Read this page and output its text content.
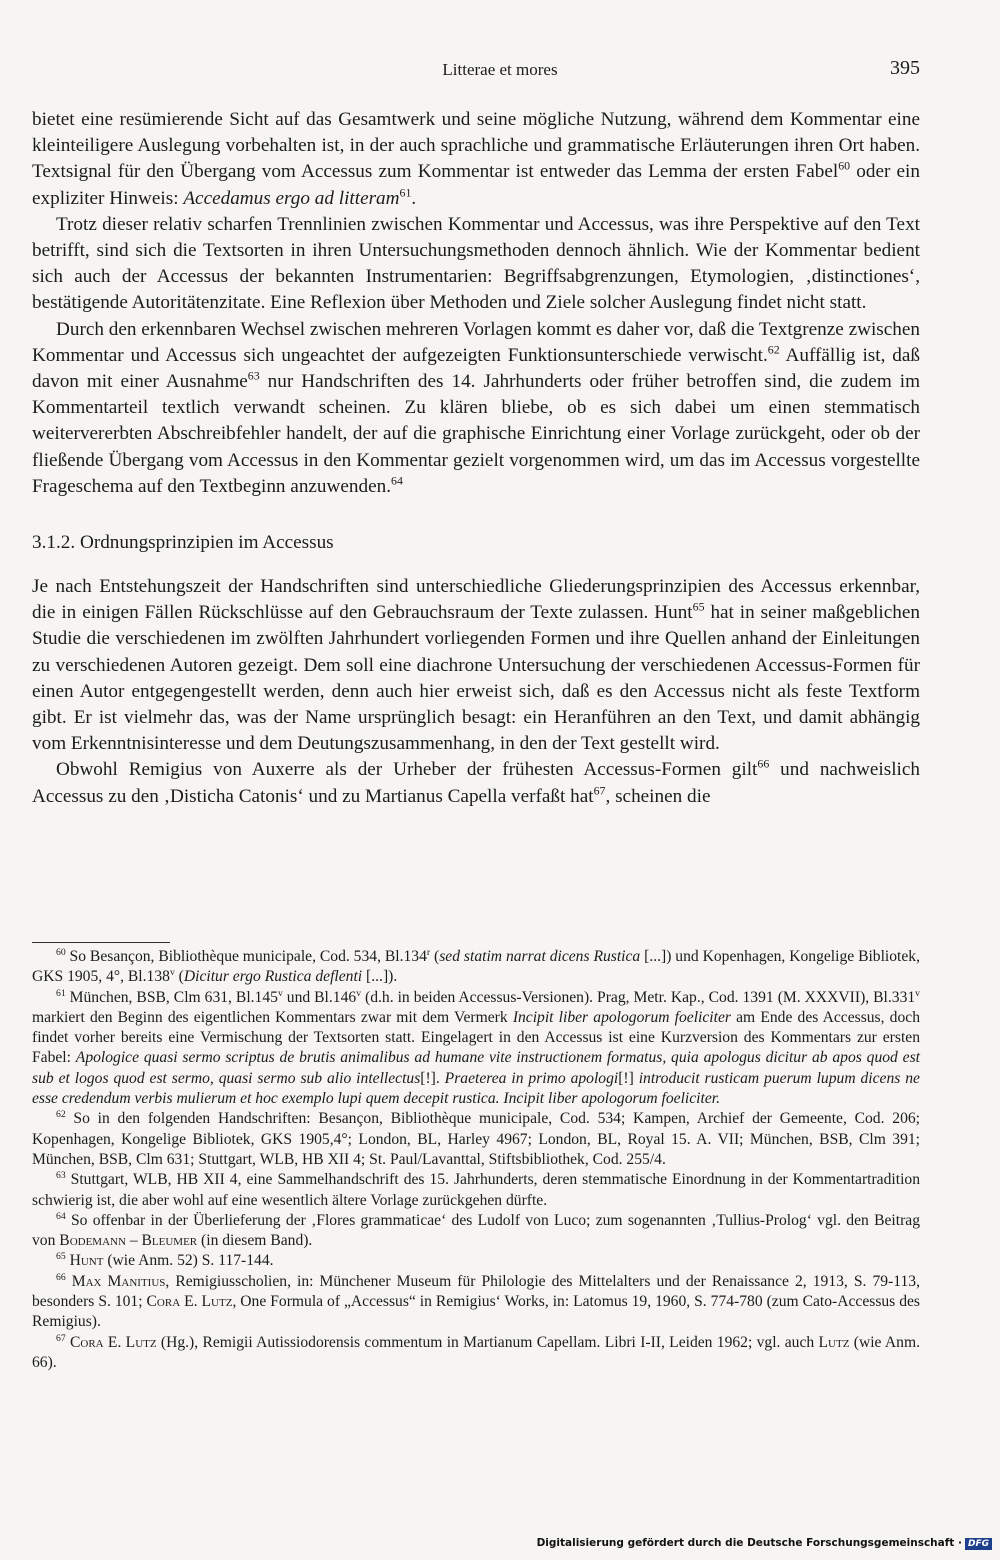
Litterae et mores	395

bietet eine resümierende Sicht auf das Gesamtwerk und seine mögliche Nutzung, während dem Kommentar eine kleinteiligere Auslegung vorbehalten ist, in der auch sprachliche und grammatische Erläuterungen ihren Ort haben. Textsignal für den Übergang vom Accessus zum Kommentar ist entweder das Lemma der ersten Fabel$^{60}$ oder ein expliziter Hinweis: Accedamus ergo ad litteram$^{61}$.

Trotz dieser relativ scharfen Trennlinien zwischen Kommentar und Accessus, was ihre Perspektive auf den Text betrifft, sind sich die Textsorten in ihren Untersuchungsmethoden dennoch ähnlich. Wie der Kommentar bedient sich auch der Accessus der bekannten Instrumentarien: Begriffsabgrenzungen, Etymologien, ‚distinctiones‘, bestätigende Autoritätenzitate. Eine Reflexion über Methoden und Ziele solcher Auslegung findet nicht statt.

Durch den erkennbaren Wechsel zwischen mehreren Vorlagen kommt es daher vor, daß die Textgrenze zwischen Kommentar und Accessus sich ungeachtet der aufgezeigten Funktionsunterschiede verwischt.$^{62}$ Auffällig ist, daß davon mit einer Ausnahme$^{63}$ nur Handschriften des 14. Jahrhunderts oder früher betroffen sind, die zudem im Kommentarteil textlich verwandt scheinen. Zu klären bliebe, ob es sich dabei um einen stemmatisch weitervererbten Abschreibfehler handelt, der auf die graphische Einrichtung einer Vorlage zurückgeht, oder ob der fließende Übergang vom Accessus in den Kommentar gezielt vorgenommen wird, um das im Accessus vorgestellte Frageschema auf den Textbeginn anzuwenden.$^{64}$

3.1.2. Ordnungsprinzipien im Accessus

Je nach Entstehungszeit der Handschriften sind unterschiedliche Gliederungsprinzipien des Accessus erkennbar, die in einigen Fällen Rückschlüsse auf den Gebrauchsraum der Texte zulassen. Hunt$^{65}$ hat in seiner maßgeblichen Studie die verschiedenen im zwölften Jahrhundert vorliegenden Formen und ihre Quellen anhand der Einleitungen zu verschiedenen Autoren gezeigt. Dem soll eine diachrone Untersuchung der verschiedenen Accessus-Formen für einen Autor entgegengestellt werden, denn auch hier erweist sich, daß es den Accessus nicht als feste Textform gibt. Er ist vielmehr das, was der Name ursprünglich besagt: ein Heranführen an den Text, und damit abhängig vom Erkenntnisinteresse und dem Deutungszusammenhang, in den der Text gestellt wird.

Obwohl Remigius von Auxerre als der Urheber der frühesten Accessus-Formen gilt$^{66}$ und nachweislich Accessus zu den ‚Disticha Catonis‘ und zu Martianus Capella verfaßt hat$^{67}$, scheinen die

$^{60}$ So Besançon, Bibliothèque municipale, Cod. 534, Bl.134$^r$ (sed statim narrat dicens Rustica [...]) und Kopenhagen, Kongelige Bibliotek, GKS 1905, 4°, Bl.138$^v$ (Dicitur ergo Rustica deflenti [...]).

$^{61}$ München, BSB, Clm 631, Bl.145$^v$ und Bl.146$^v$ (d.h. in beiden Accessus-Versionen). Prag, Metr. Kap., Cod. 1391 (M. XXXVII), Bl.331$^v$ markiert den Beginn des eigentlichen Kommentars zwar mit dem Vermerk Incipit liber apologorum foeliciter am Ende des Accessus, doch findet vorher bereits eine Vermischung der Textsorten statt. Eingelagert in den Accessus ist eine Kurzversion des Kommentars zur ersten Fabel: Apologice quasi sermo scriptus de brutis animalibus ad humane vite instructionem formatus, quia apologus dicitur ab apos quod est sub et logos quod est sermo, quasi sermo sub alio intellectus[!]. Praeterea in primo apologi[!] introducit rusticam puerum lupum dicens ne esse credendum verbis mulierum et hoc exemplo lupi quem decepit rustica. Incipit liber apologorum foeliciter.

$^{62}$ So in den folgenden Handschriften: Besançon, Bibliothèque municipale, Cod. 534; Kampen, Archief der Gemeente, Cod. 206; Kopenhagen, Kongelige Bibliotek, GKS 1905,4°; London, BL, Harley 4967; London, BL, Royal 15. A. VII; München, BSB, Clm 391; München, BSB, Clm 631; Stuttgart, WLB, HB XII 4; St. Paul/Lavanttal, Stiftsbibliothek, Cod. 255/4.

$^{63}$ Stuttgart, WLB, HB XII 4, eine Sammelhandschrift des 15. Jahrhunderts, deren stemmatische Einordnung in der Kommentartradition schwierig ist, die aber wohl auf eine wesentlich ältere Vorlage zurückgehen dürfte.

$^{64}$ So offenbar in der Überlieferung der ‚Flores grammaticae‘ des Ludolf von Luco; zum sogenannten ‚Tullius-Prolog‘ vgl. den Beitrag von Bodemann – Bleumer (in diesem Band).

$^{65}$ Hunt (wie Anm. 52) S. 117-144.

$^{66}$ Max Manitius, Remigiusscholien, in: Münchener Museum für Philologie des Mittelalters und der Renaissance 2, 1913, S. 79-113, besonders S. 101; Cora E. Lutz, One Formula of „Accessus“ in Remigius‘ Works, in: Latomus 19, 1960, S. 774-780 (zum Cato-Accessus des Remigius).

$^{67}$ Cora E. Lutz (Hg.), Remigii Autissiodorensis commentum in Martianum Capellam. Libri I-II, Leiden 1962; vgl. auch Lutz (wie Anm. 66).

Digitalisierung gefördert durch die Deutsche Forschungsgemeinschaft · DFG
